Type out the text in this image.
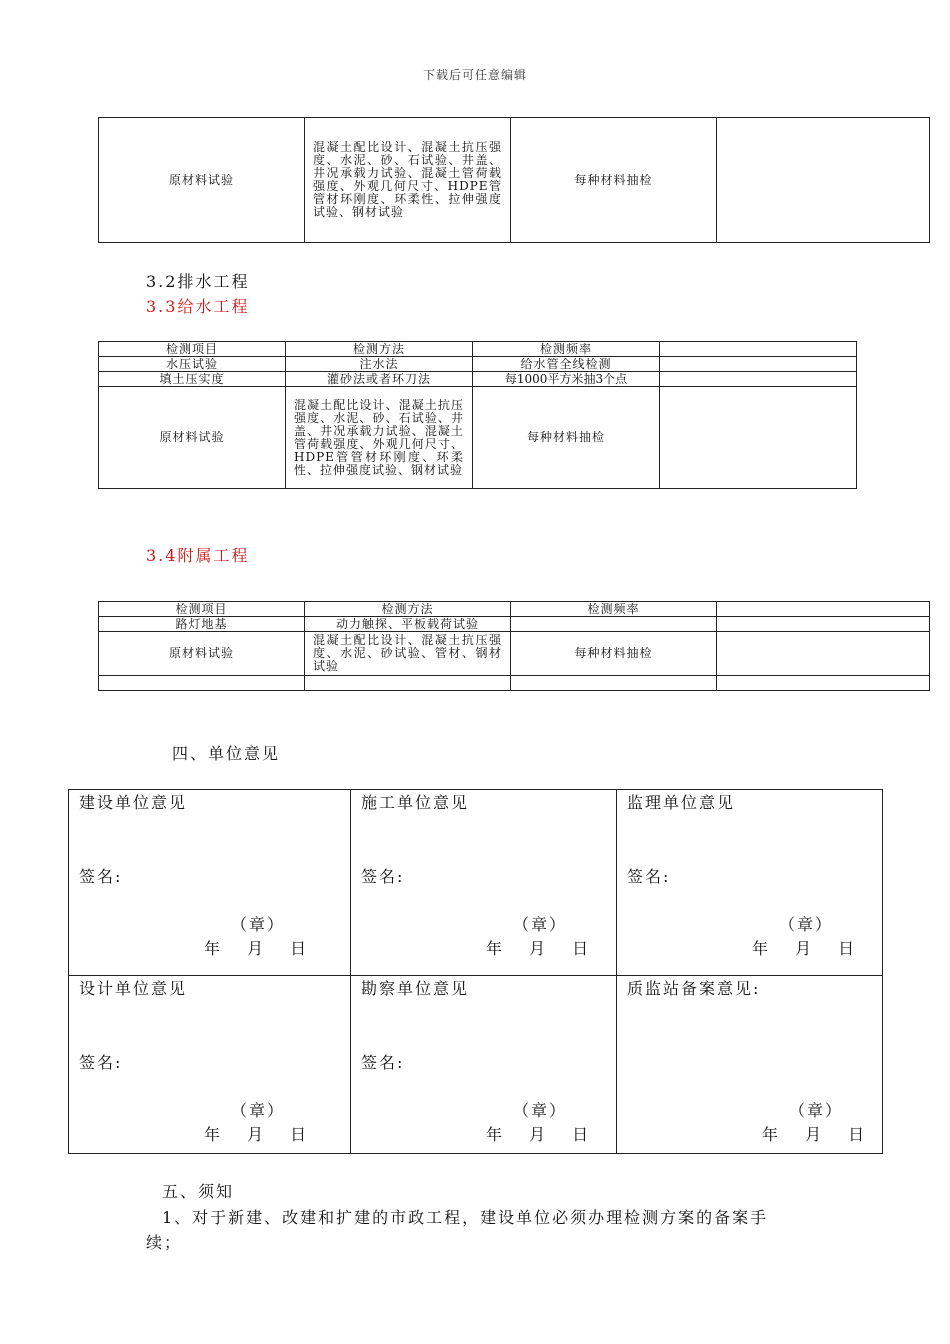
下载后可任意编辑
原材料试验	混凝土配比设计、混凝土抗压强度、水泥、砂、石试验、井盖、井况承载力试验、混凝土管荷载强度、外观几何尺寸、HDPE管管材环刚度、环柔性、拉伸强度试验、钢材试验	每种材料抽检	
3.2排水工程
3.3给水工程
检测项目	检测方法	检测频率	
水压试验	注水法	给水管全线检测	
填土压实度	灌砂法或者环刀法	每1000平方米抽3个点	
原材料试验	混凝土配比设计、混凝土抗压强度、水泥、砂、石试验、井盖、井况承载力试验、混凝土管荷载强度、外观几何尺寸、HDPE管管材环刚度、环柔性、拉伸强度试验、钢材试验	每种材料抽检	
3.4附属工程
检测项目	检测方法	检测频率	
路灯地基	动力触探、平板载荷试验		
原材料试验	混凝土配比设计、混凝土抗压强度、水泥、砂试验、管材、钢材试验	每种材料抽检	

四、单位意见
建设单位意见
签名:
（章）
年　 月　 日	施工单位意见
签名:
（章）
年　 月　 日	监理单位意见
签名:
（章）
年　 月　 日

设计单位意见
签名:
（章）
年　 月　 日	勘察单位意见
签名:
（章）
年　 月　 日	质监站备案意见:
（章）
年　 月　 日
五、须知
1、对于新建、改建和扩建的市政工程，建设单位必须办理检测方案的备案手
续；
